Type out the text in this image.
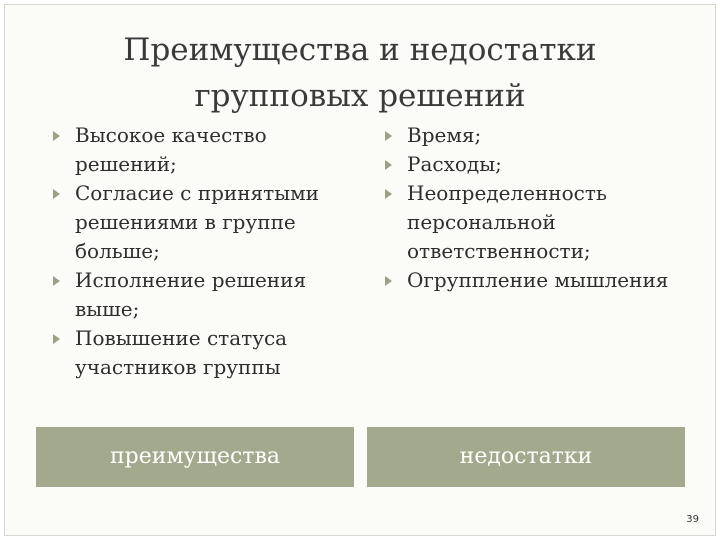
Преимущества и недостатки
групповых решений
Высокое качество решений;
Согласие с принятыми решениями в группе больше;
Исполнение решения выше;
Повышение статуса участников группы
Время;
Расходы;
Неопределенность персональной ответственности;
Огруппление мышления
преимущества	недостатки
39
